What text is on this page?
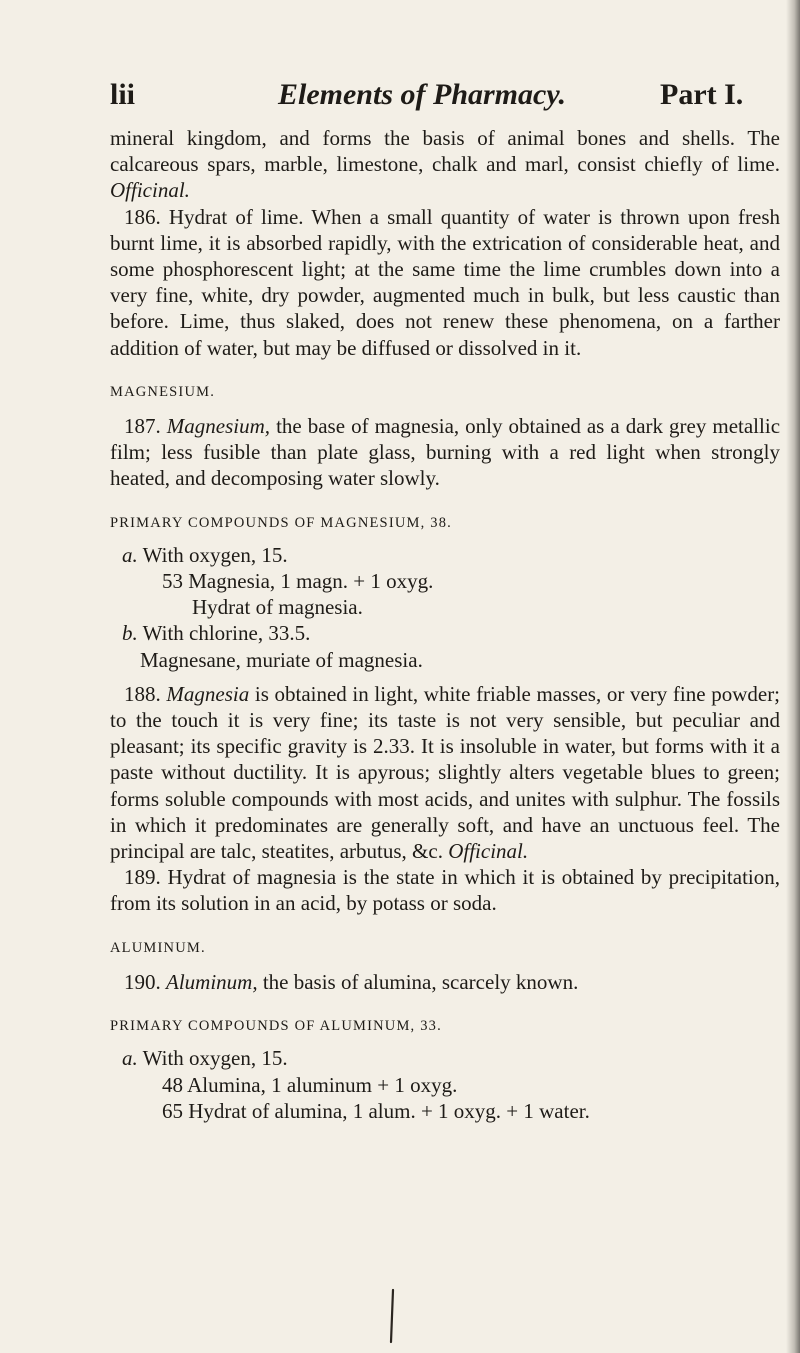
lii	Elements of Pharmacy.	Part I.

mineral kingdom, and forms the basis of animal bones and shells. The calcareous spars, marble, limestone, chalk and marl, consist chiefly of lime. Officinal.

186. Hydrat of lime. When a small quantity of water is thrown upon fresh burnt lime, it is absorbed rapidly, with the extrication of considerable heat, and some phosphorescent light; at the same time the lime crumbles down into a very fine, white, dry powder, augmented much in bulk, but less caustic than before. Lime, thus slaked, does not renew these phenomena, on a farther addition of water, but may be diffused or dissolved in it.

MAGNESIUM.

187. Magnesium, the base of magnesia, only obtained as a dark grey metallic film; less fusible than plate glass, burning with a red light when strongly heated, and decomposing water slowly.

PRIMARY COMPOUNDS OF MAGNESIUM, 38.

a. With oxygen, 15.
53 Magnesia, 1 magn. + 1 oxyg.
Hydrat of magnesia.
b. With chlorine, 33.5.
Magnesane, muriate of magnesia.

188. Magnesia is obtained in light, white friable masses, or very fine powder; to the touch it is very fine; its taste is not very sensible, but peculiar and pleasant; its specific gravity is 2.33. It is insoluble in water, but forms with it a paste without ductility. It is apyrous; slightly alters vegetable blues to green; forms soluble compounds with most acids, and unites with sulphur. The fossils in which it predominates are generally soft, and have an unctuous feel. The principal are talc, steatites, arbutus, &c. Officinal.

189. Hydrat of magnesia is the state in which it is obtained by precipitation, from its solution in an acid, by potass or soda.

ALUMINUM.

190. Aluminum, the basis of alumina, scarcely known.

PRIMARY COMPOUNDS OF ALUMINUM, 33.

a. With oxygen, 15.
48 Alumina, 1 aluminum + 1 oxyg.
65 Hydrat of alumina, 1 alum. + 1 oxyg. + 1 water.
